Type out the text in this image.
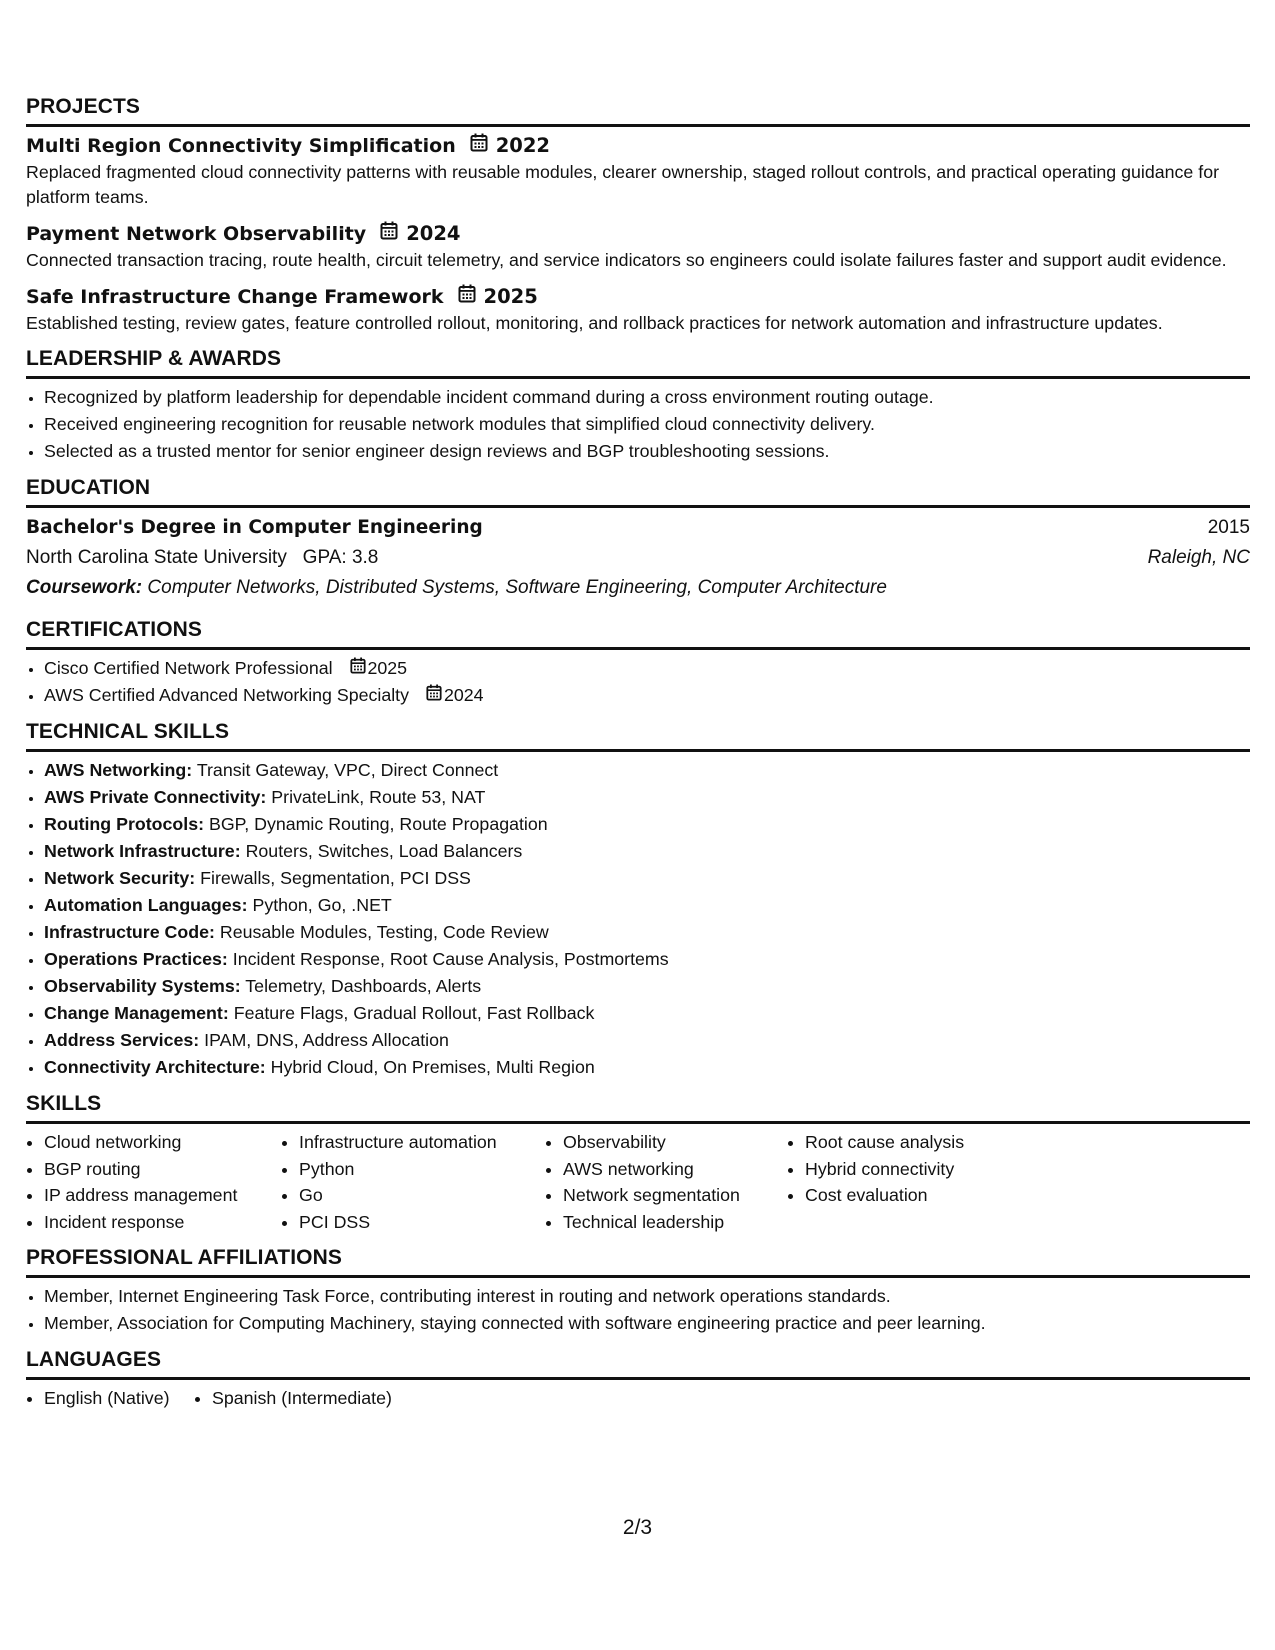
PROJECTS
Multi Region Connectivity Simplification 2022

Replaced fragmented cloud connectivity patterns with reusable modules, clearer ownership, staged rollout controls, and practical operating guidance for platform teams.

Payment Network Observability 2024

Connected transaction tracing, route health, circuit telemetry, and service indicators so engineers could isolate failures faster and support audit evidence.

Safe Infrastructure Change Framework 2025

Established testing, review gates, feature controlled rollout, monitoring, and rollback practices for network automation and infrastructure updates.

LEADERSHIP & AWARDS
• Recognized by platform leadership for dependable incident command during a cross environment routing outage.
• Received engineering recognition for reusable network modules that simplified cloud connectivity delivery.
• Selected as a trusted mentor for senior engineer design reviews and BGP troubleshooting sessions.
EDUCATION
Bachelor's Degree in Computer Engineering	2015
North Carolina State University GPA: 3.8	Raleigh, NC
Coursework: Computer Networks, Distributed Systems, Software Engineering, Computer Architecture
CERTIFICATIONS
• Cisco Certified Network Professional 2025
• AWS Certified Advanced Networking Specialty 2024
TECHNICAL SKILLS
• AWS Networking: Transit Gateway, VPC, Direct Connect
• AWS Private Connectivity: PrivateLink, Route 53, NAT
• Routing Protocols: BGP, Dynamic Routing, Route Propagation
• Network Infrastructure: Routers, Switches, Load Balancers
• Network Security: Firewalls, Segmentation, PCI DSS
• Automation Languages: Python, Go, .NET
• Infrastructure Code: Reusable Modules, Testing, Code Review
• Operations Practices: Incident Response, Root Cause Analysis, Postmortems
• Observability Systems: Telemetry, Dashboards, Alerts
• Change Management: Feature Flags, Gradual Rollout, Fast Rollback
• Address Services: IPAM, DNS, Address Allocation
• Connectivity Architecture: Hybrid Cloud, On Premises, Multi Region
SKILLS
• Cloud networking
• BGP routing
• IP address management
• Incident response
• Infrastructure automation
• Python
• Go
• PCI DSS
• Observability
• AWS networking
• Network segmentation
• Technical leadership
• Root cause analysis
• Hybrid connectivity
• Cost evaluation
PROFESSIONAL AFFILIATIONS
• Member, Internet Engineering Task Force, contributing interest in routing and network operations standards.
• Member, Association for Computing Machinery, staying connected with software engineering practice and peer learning.
LANGUAGES
• English (Native)
•	Spanish (Intermediate)
2/3
